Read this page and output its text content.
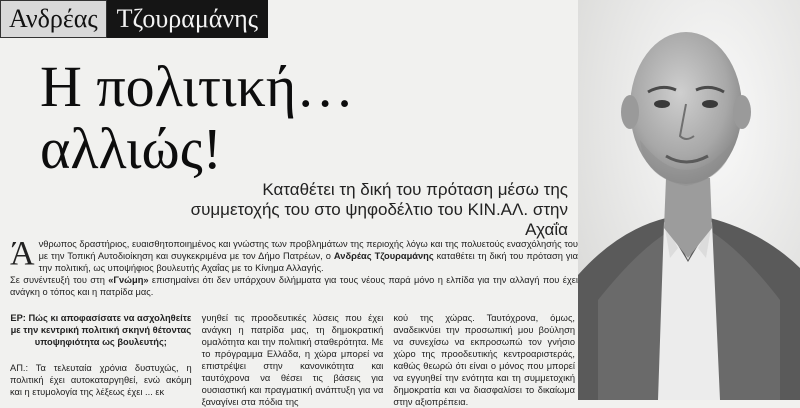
Ανδρέας Τζουραμάνης
Η πολιτική…
αλλιώς!
Καταθέτει τη δική του πρόταση μέσω της
συμμετοχής του στο ψηφοδέλτιο του ΚΙΝ.ΑΛ. στην Αχαΐα
Άνθρωπος δραστήριος, ευαισθητοποιημένος και γνώστης των προβλημάτων της περιοχής λόγω και της πολυετούς ενασχόλησής του με την Τοπική Αυτοδιοίκηση και συγκεκριμένα με τον Δήμο Πατρέων, ο Ανδρέας Τζουραμάνης καταθέτει τη δική του πρόταση για την πολιτική, ως υποψήφιος βουλευτής Αχαΐας με το Κίνημα Αλλαγής.
Σε συνέντευξή του στη «Γνώμη» επισημαίνει ότι δεν υπάρχουν διλήμματα για τους νέους παρά μόνο η ελπίδα για την αλλαγή που έχει ανάγκη ο τόπος και η πατρίδα μας.

ΕΡ: Πώς κι αποφασίσατε να ασχοληθείτε με την κεντρική πολιτική σκηνή θέτοντας υποψηφιότητα ως βουλευτής;

ΑΠ.: Τα τελευταία χρόνια δυστυχώς, η πολιτική έχει αυτοκαταργηθεί, ενώ ακόμη και η ετυμολογία της λέξεως έχει ... εκ

γυηθεί τις προοδευτικές λύσεις που έχει ανάγκη η πατρίδα μας, τη δημοκρατική ομαλότητα και την πολιτική σταθερότητα. Με το πρόγραμμα Ελλάδα, η χώρα μπορεί να επιστρέψει στην κανονικότητα και ταυτόχρονα να θέσει τις βάσεις για ουσιαστική και πραγματική ανάπτυξη για να ξαναγίνει στα πόδια της

κού της χώρας. Ταυτόχρονα, όμως, αναδεικνύει την προσωπική μου βούληση να συνεχίσω να εκπροσωπώ τον γνήσιο χώρο της προοδευτικής κεντροαριστεράς, καθώς θεωρώ ότι είναι ο μόνος που μπορεί να εγγυηθεί την ενότητα και τη συμμετοχική δημοκρατία και να διασφαλίσει το δικαίωμα στην αξιοπρέπεια.
